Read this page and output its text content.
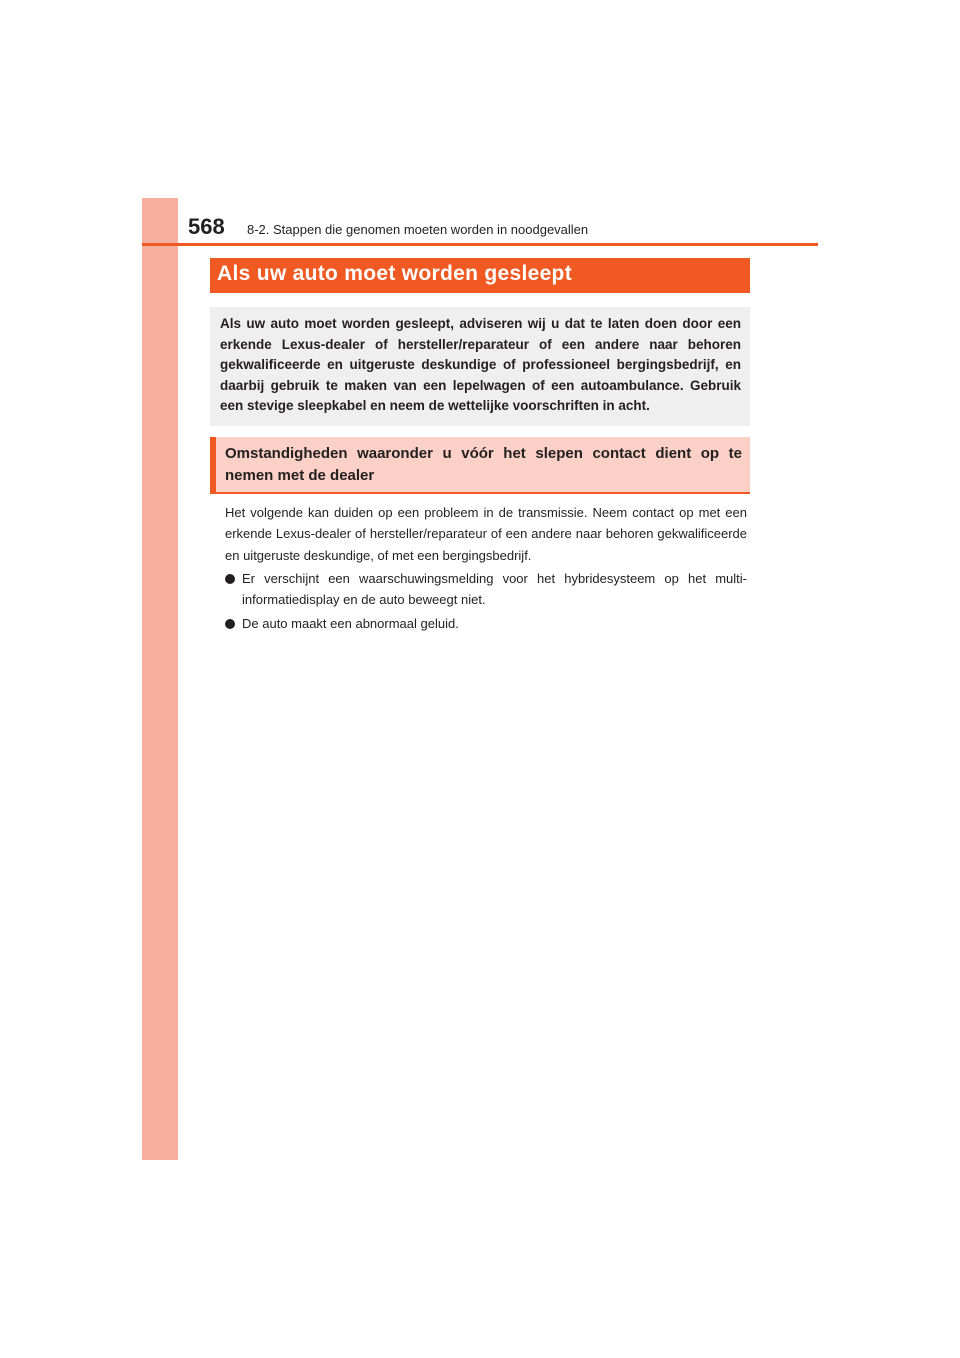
568 8-2. Stappen die genomen moeten worden in noodgevallen
Als uw auto moet worden gesleept

Als uw auto moet worden gesleept, adviseren wij u dat te laten doen door een erkende Lexus-dealer of hersteller/reparateur of een andere naar behoren gekwalificeerde en uitgeruste deskundige of professioneel bergingsbedrijf, en daarbij gebruik te maken van een lepelwagen of een autoambulance. Gebruik een stevige sleepkabel en neem de wettelijke voorschriften in acht.

Omstandigheden waaronder u vóór het slepen contact dient op te nemen met de dealer

Het volgende kan duiden op een probleem in de transmissie. Neem contact op met een erkende Lexus-dealer of hersteller/reparateur of een andere naar behoren gekwalificeerde en uitgeruste deskundige, of met een bergingsbedrijf.

Er verschijnt een waarschuwingsmelding voor het hybridesysteem op het multi-informatiedisplay en de auto beweegt niet.
De auto maakt een abnormaal geluid.
